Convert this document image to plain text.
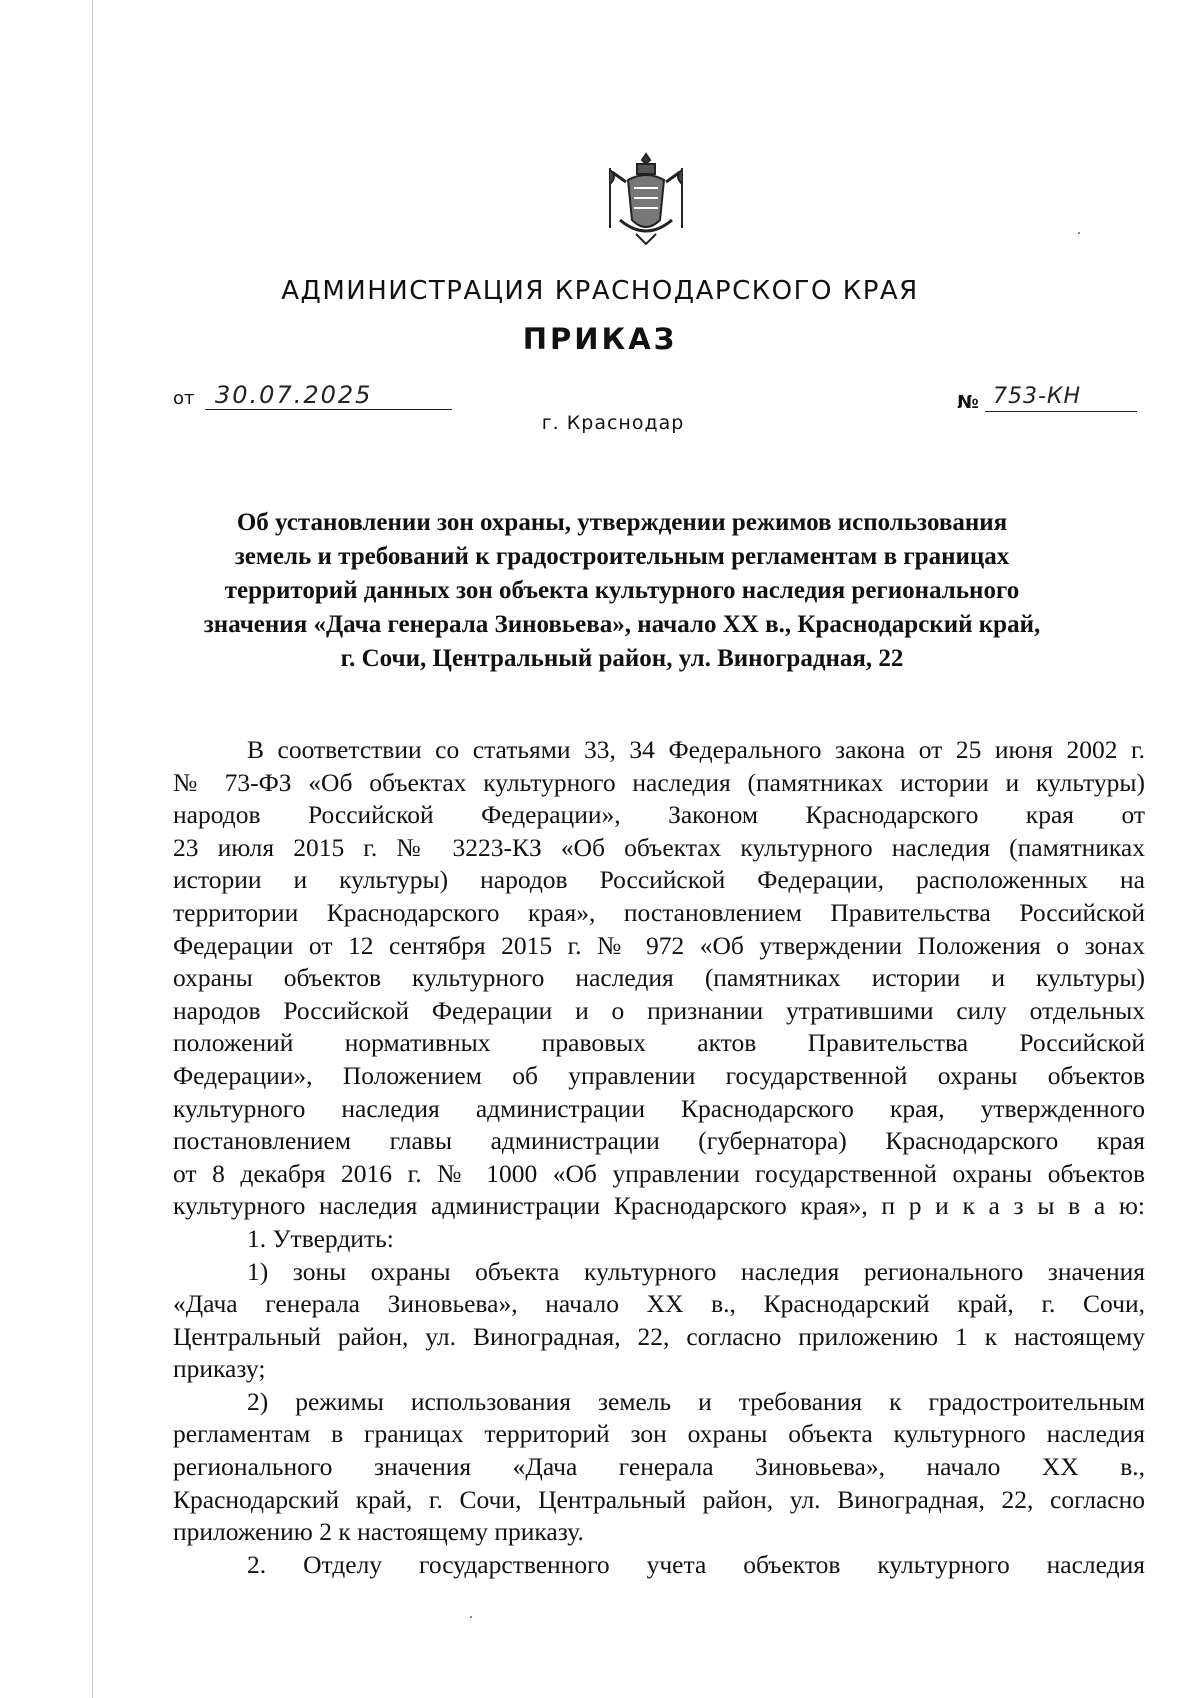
АДМИНИСТРАЦИЯ КРАСНОДАРСКОГО КРАЯ
ПРИКАЗ
от 30.07.2025	№ 753-КН
г. Краснодар
Об установлении зон охраны, утверждении режимов использования
земель и требований к градостроительным регламентам в границах
территорий данных зон объекта культурного наследия регионального
значения «Дача генерала Зиновьева», начало XX в., Краснодарский край,
г. Сочи, Центральный район, ул. Виноградная, 22
В соответствии со статьями 33, 34 Федерального закона от 25 июня 2002 г.
№ 73-ФЗ «Об объектах культурного наследия (памятниках истории и культуры)
народов Российской Федерации», Законом Краснодарского края от
23 июля 2015 г. № 3223-КЗ «Об объектах культурного наследия (памятниках
истории и культуры) народов Российской Федерации, расположенных на
территории Краснодарского края», постановлением Правительства Российской
Федерации от 12 сентября 2015 г. № 972 «Об утверждении Положения о зонах
охраны объектов культурного наследия (памятниках истории и культуры)
народов Российской Федерации и о признании утратившими силу отдельных
положений нормативных правовых актов Правительства Российской
Федерации», Положением об управлении государственной охраны объектов
культурного наследия администрации Краснодарского края, утвержденного
постановлением главы администрации (губернатора) Краснодарского края
от 8 декабря 2016 г. № 1000 «Об управлении государственной охраны объектов
культурного наследия администрации Краснодарского края», п р и к а з ы в а ю:
1. Утвердить:
1) зоны охраны объекта культурного наследия регионального значения
«Дача генерала Зиновьева», начало XX в., Краснодарский край, г. Сочи,
Центральный район, ул. Виноградная, 22, согласно приложению 1 к настоящему
приказу;
2) режимы использования земель и требования к градостроительным
регламентам в границах территорий зон охраны объекта культурного наследия
регионального значения «Дача генерала Зиновьева», начало XX в.,
Краснодарский край, г. Сочи, Центральный район, ул. Виноградная, 22, согласно
приложению 2 к настоящему приказу.
2. Отделу государственного учета объектов культурного наследия
